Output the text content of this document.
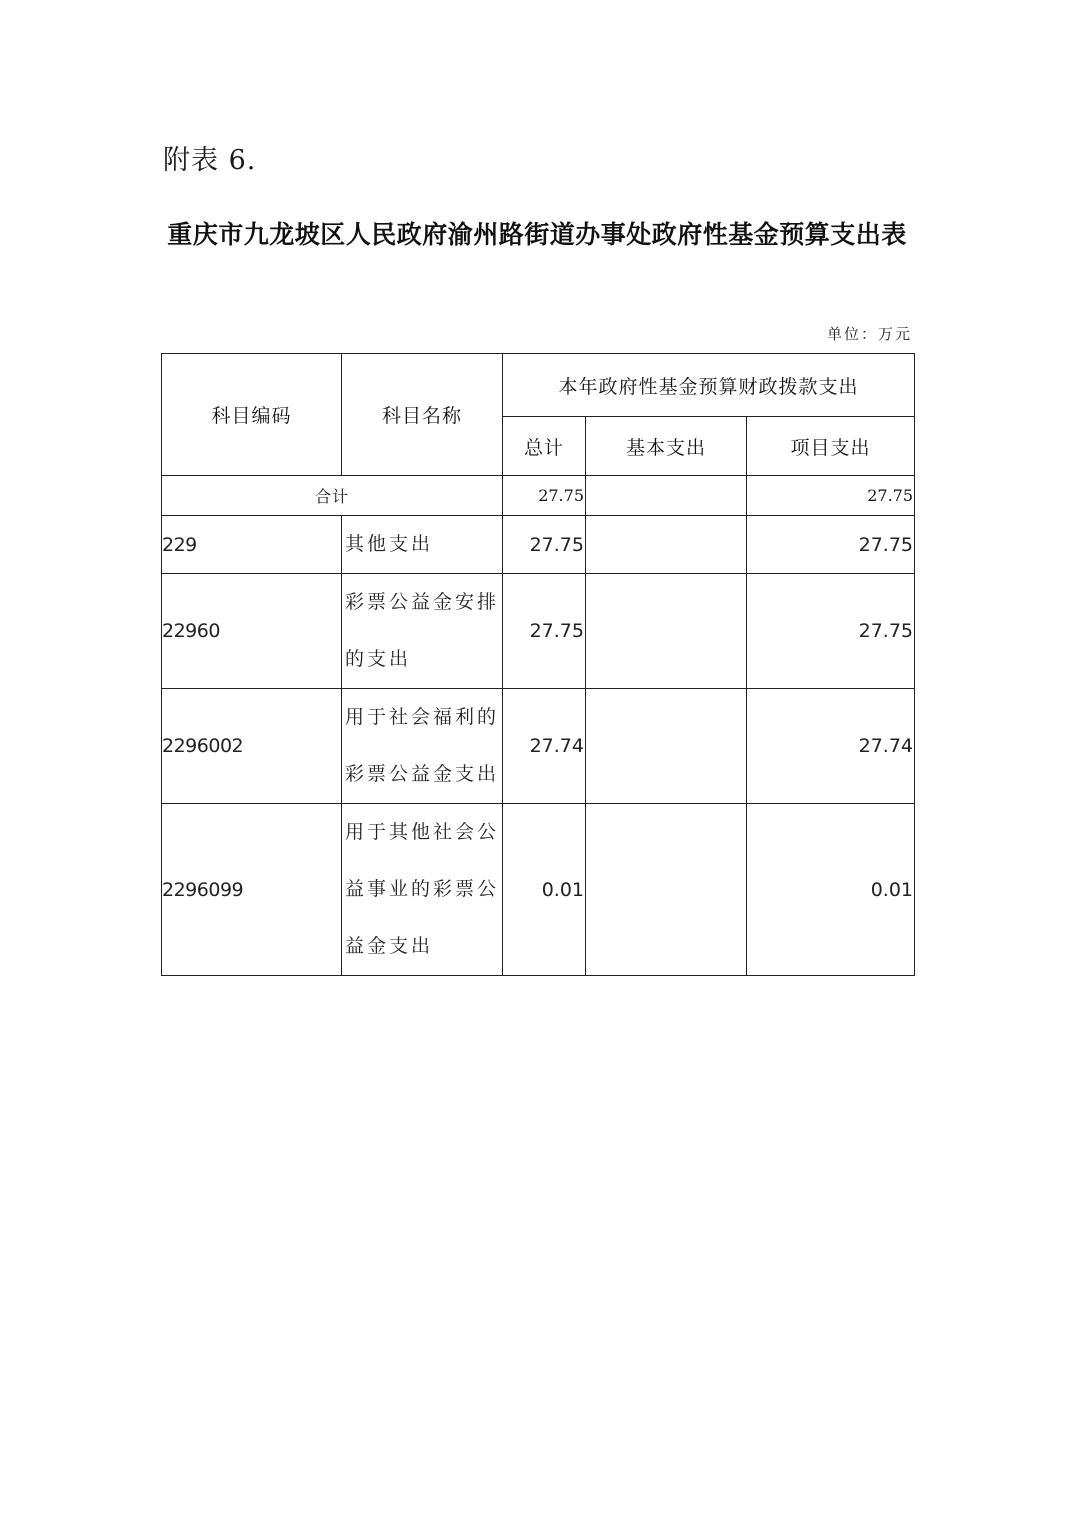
附表 6.
重庆市九龙坡区人民政府渝州路街道办事处政府性基金预算支出表
单位：万元
科目编码	科目名称	本年政府性基金预算财政拨款支出		
		总计	基本支出	项目支出
合计		27.75		27.75
229	其他支出	27.75		27.75
22960	彩票公益金安排的支出	27.75		27.75
2296002	用于社会福利的彩票公益金支出	27.74		27.74
2296099	用于其他社会公益事业的彩票公益金支出	0.01		0.01
